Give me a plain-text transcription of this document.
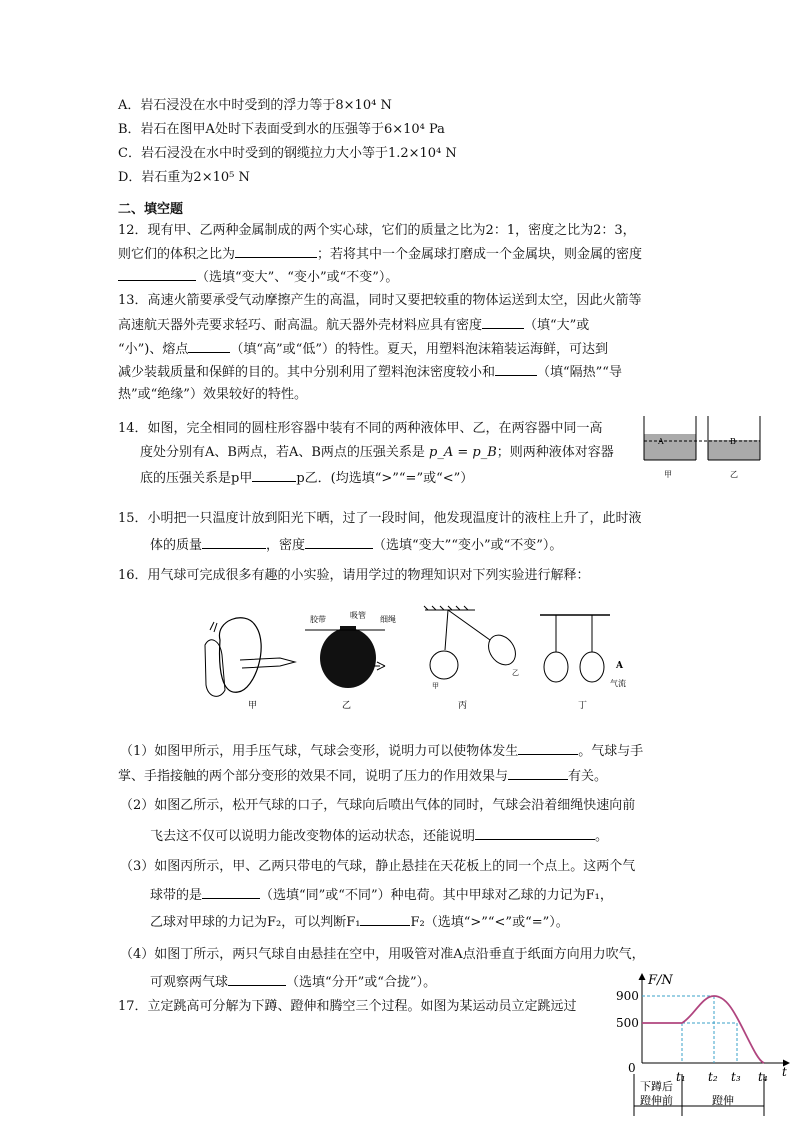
A．岩石浸没在水中时受到的浮力等于8×10⁴ N
B．岩石在图甲A处时下表面受到水的压强等于6×10⁴ Pa
C．岩石浸没在水中时受到的钢缆拉力大小等于1.2×10⁴ N
D．岩石重为2×10⁵ N
二、填空题
12．现有甲、乙两种金属制成的两个实心球，它们的质量之比为2：1，密度之比为2：3，
则它们的体积之比为	；若将其中一个金属球打磨成一个金属块，则金属的密度
（选填“变大”、“变小”或“不变”）。
13．高速火箭要承受气动摩擦产生的高温，同时又要把较重的物体运送到太空，因此火箭等
高速航天器外壳要求轻巧、耐高温。航天器外壳材料应具有密度	（填“大”或
“小”)、熔点	（填“高”或“低”）的特性。夏天，用塑料泡沫箱装运海鲜，可达到
减少装载质量和保鲜的目的。其中分别利用了塑料泡沫密度较小和	（填“隔热”“导
热”或“绝缘”）效果较好的特性。
14．如图，完全相同的圆柱形容器中装有不同的两种液体甲、乙，在两容器中同一高
度处分别有A、B两点，若A、B两点的压强关系是 p_A = p_B；则两种液体对容器
底的压强关系是p甲	p乙．(均选填“>”“=”或“<”）
A	B
甲	乙
15．小明把一只温度计放到阳光下晒，过了一段时间，他发现温度计的液柱上升了，此时液
体的质量	，密度	（选填“变大”“变小”或“不变”）。
16．用气球可完成很多有趣的小实验，请用学过的物理知识对下列实验进行解释：
甲
胶带	吸管 细绳
乙
甲
乙
丙
A
气流
丁
（1）如图甲所示，用手压气球，气球会变形，说明力可以使物体发生	。气球与手
掌、手指接触的两个部分变形的效果不同，说明了压力的作用效果与	有关。
（2）如图乙所示，松开气球的口子，气球向后喷出气体的同时，气球会沿着细绳快速向前
飞去这不仅可以说明力能改变物体的运动状态，还能说明	。
（3）如图丙所示，甲、乙两只带电的气球，静止悬挂在天花板上的同一个点上。这两个气
球带的是	（选填“同”或“不同”）种电荷。其中甲球对乙球的力记为F₁，
乙球对甲球的力记为F₂，可以判断F₁	F₂（选填“>”“<”或“=”）。
（4）如图丁所示，两只气球自由悬挂在空中，用吸管对准A点沿垂直于纸面方向用力吹气，
可观察两气球	（选填“分开”或“合拢”）。
17．立定跳高可分解为下蹲、蹬伸和腾空三个过程。如图为某运动员立定跳远过
F/N
900
500
0
t₁ t₂ t₃ t₄ t
下蹲后
蹬伸前	蹬伸
